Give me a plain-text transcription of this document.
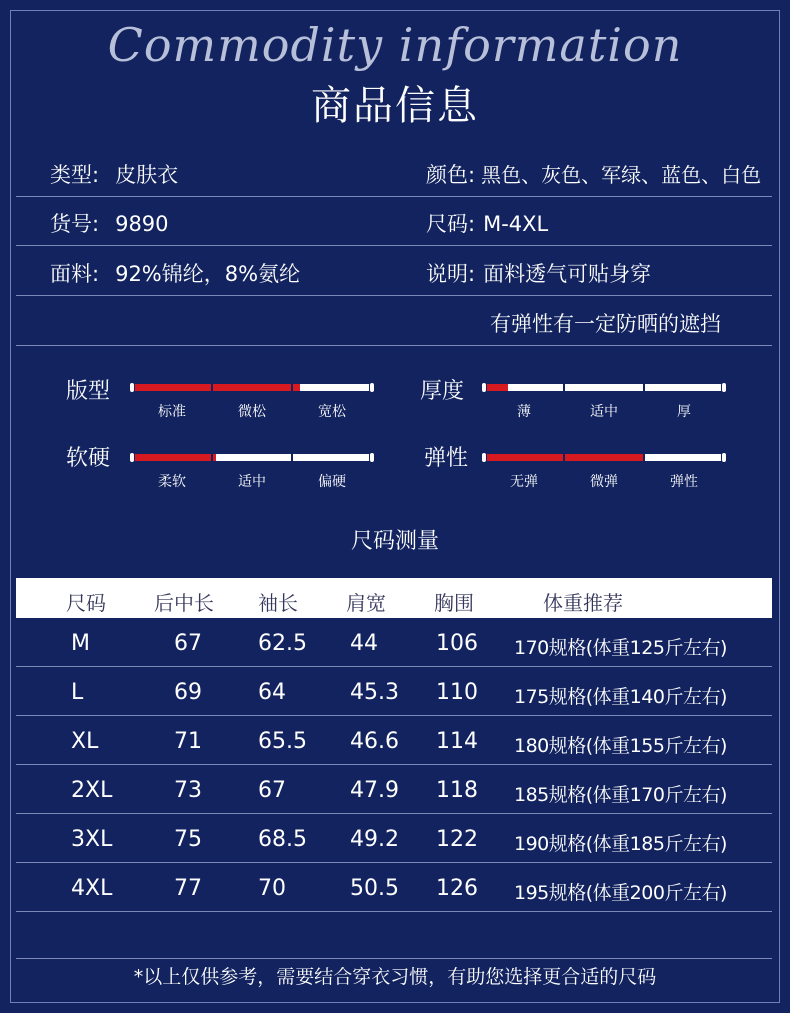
Commodity information
商品信息
类型: 皮肤衣	颜色: 黑色、灰色、军绿、蓝色、白色
货号: 9890	尺码: M-4XL
面料: 92%锦纶，8%氨纶	说明: 面料透气可贴身穿
有弹性有一定防晒的遮挡
版型
标准	微松	宽松
厚度
薄	适中	厚
软硬
柔软	适中	偏硬
弹性
无弹	微弹	弹性
尺码测量
尺码 后中长 袖长 肩宽 胸围	体重推荐
M	67	62.5 44	106 170规格(体重125斤左右)
L	69	64	45.3 110 175规格(体重140斤左右)
XL	71	65.5 46.6 114 180规格(体重155斤左右)
2XL	73	67	47.9 118 185规格(体重170斤左右)
3XL	75	68.5 49.2 122 190规格(体重185斤左右)
4XL	77	70	50.5 126 195规格(体重200斤左右)
*以上仅供参考，需要结合穿衣习惯，有助您选择更合适的尺码
